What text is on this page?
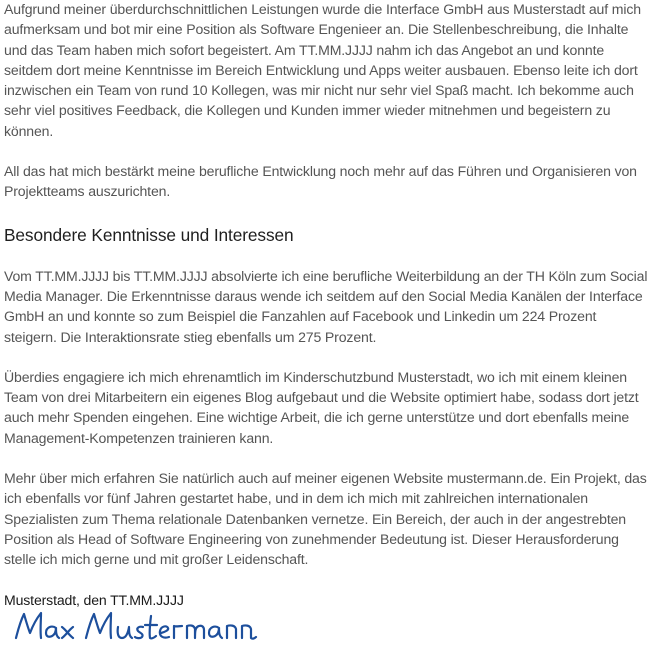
Aufgrund meiner überdurchschnittlichen Leistungen wurde die Interface GmbH aus Musterstadt auf mich aufmerksam und bot mir eine Position als Software Engenieer an. Die Stellenbeschreibung, die Inhalte und das Team haben mich sofort begeistert. Am TT.MM.JJJJ nahm ich das Angebot an und konnte seitdem dort meine Kenntnisse im Bereich Entwicklung und Apps weiter ausbauen. Ebenso leite ich dort inzwischen ein Team von rund 10 Kollegen, was mir nicht nur sehr viel Spaß macht. Ich bekomme auch sehr viel positives Feedback, die Kollegen und Kunden immer wieder mitnehmen und begeistern zu können.

All das hat mich bestärkt meine berufliche Entwicklung noch mehr auf das Führen und Organisieren von Projektteams auszurichten.

Besondere Kenntnisse und Interessen

Vom TT.MM.JJJJ bis TT.MM.JJJJ absolvierte ich eine berufliche Weiterbildung an der TH Köln zum Social Media Manager. Die Erkenntnisse daraus wende ich seitdem auf den Social Media Kanälen der Interface GmbH an und konnte so zum Beispiel die Fanzahlen auf Facebook und Linkedin um 224 Prozent steigern. Die Interaktionsrate stieg ebenfalls um 275 Prozent.

Überdies engagiere ich mich ehrenamtlich im Kinderschutzbund Musterstadt, wo ich mit einem kleinen Team von drei Mitarbeitern ein eigenes Blog aufgebaut und die Website optimiert habe, sodass dort jetzt auch mehr Spenden eingehen. Eine wichtige Arbeit, die ich gerne unterstütze und dort ebenfalls meine Management-Kompetenzen trainieren kann.

Mehr über mich erfahren Sie natürlich auch auf meiner eigenen Website mustermann.de. Ein Projekt, das ich ebenfalls vor fünf Jahren gestartet habe, und in dem ich mich mit zahlreichen internationalen Spezialisten zum Thema relationale Datenbanken vernetze. Ein Bereich, der auch in der angestrebten Position als Head of Software Engineering von zunehmender Bedeutung ist. Dieser Herausforderung stelle ich mich gerne und mit großer Leidenschaft.

Musterstadt, den TT.MM.JJJJ
